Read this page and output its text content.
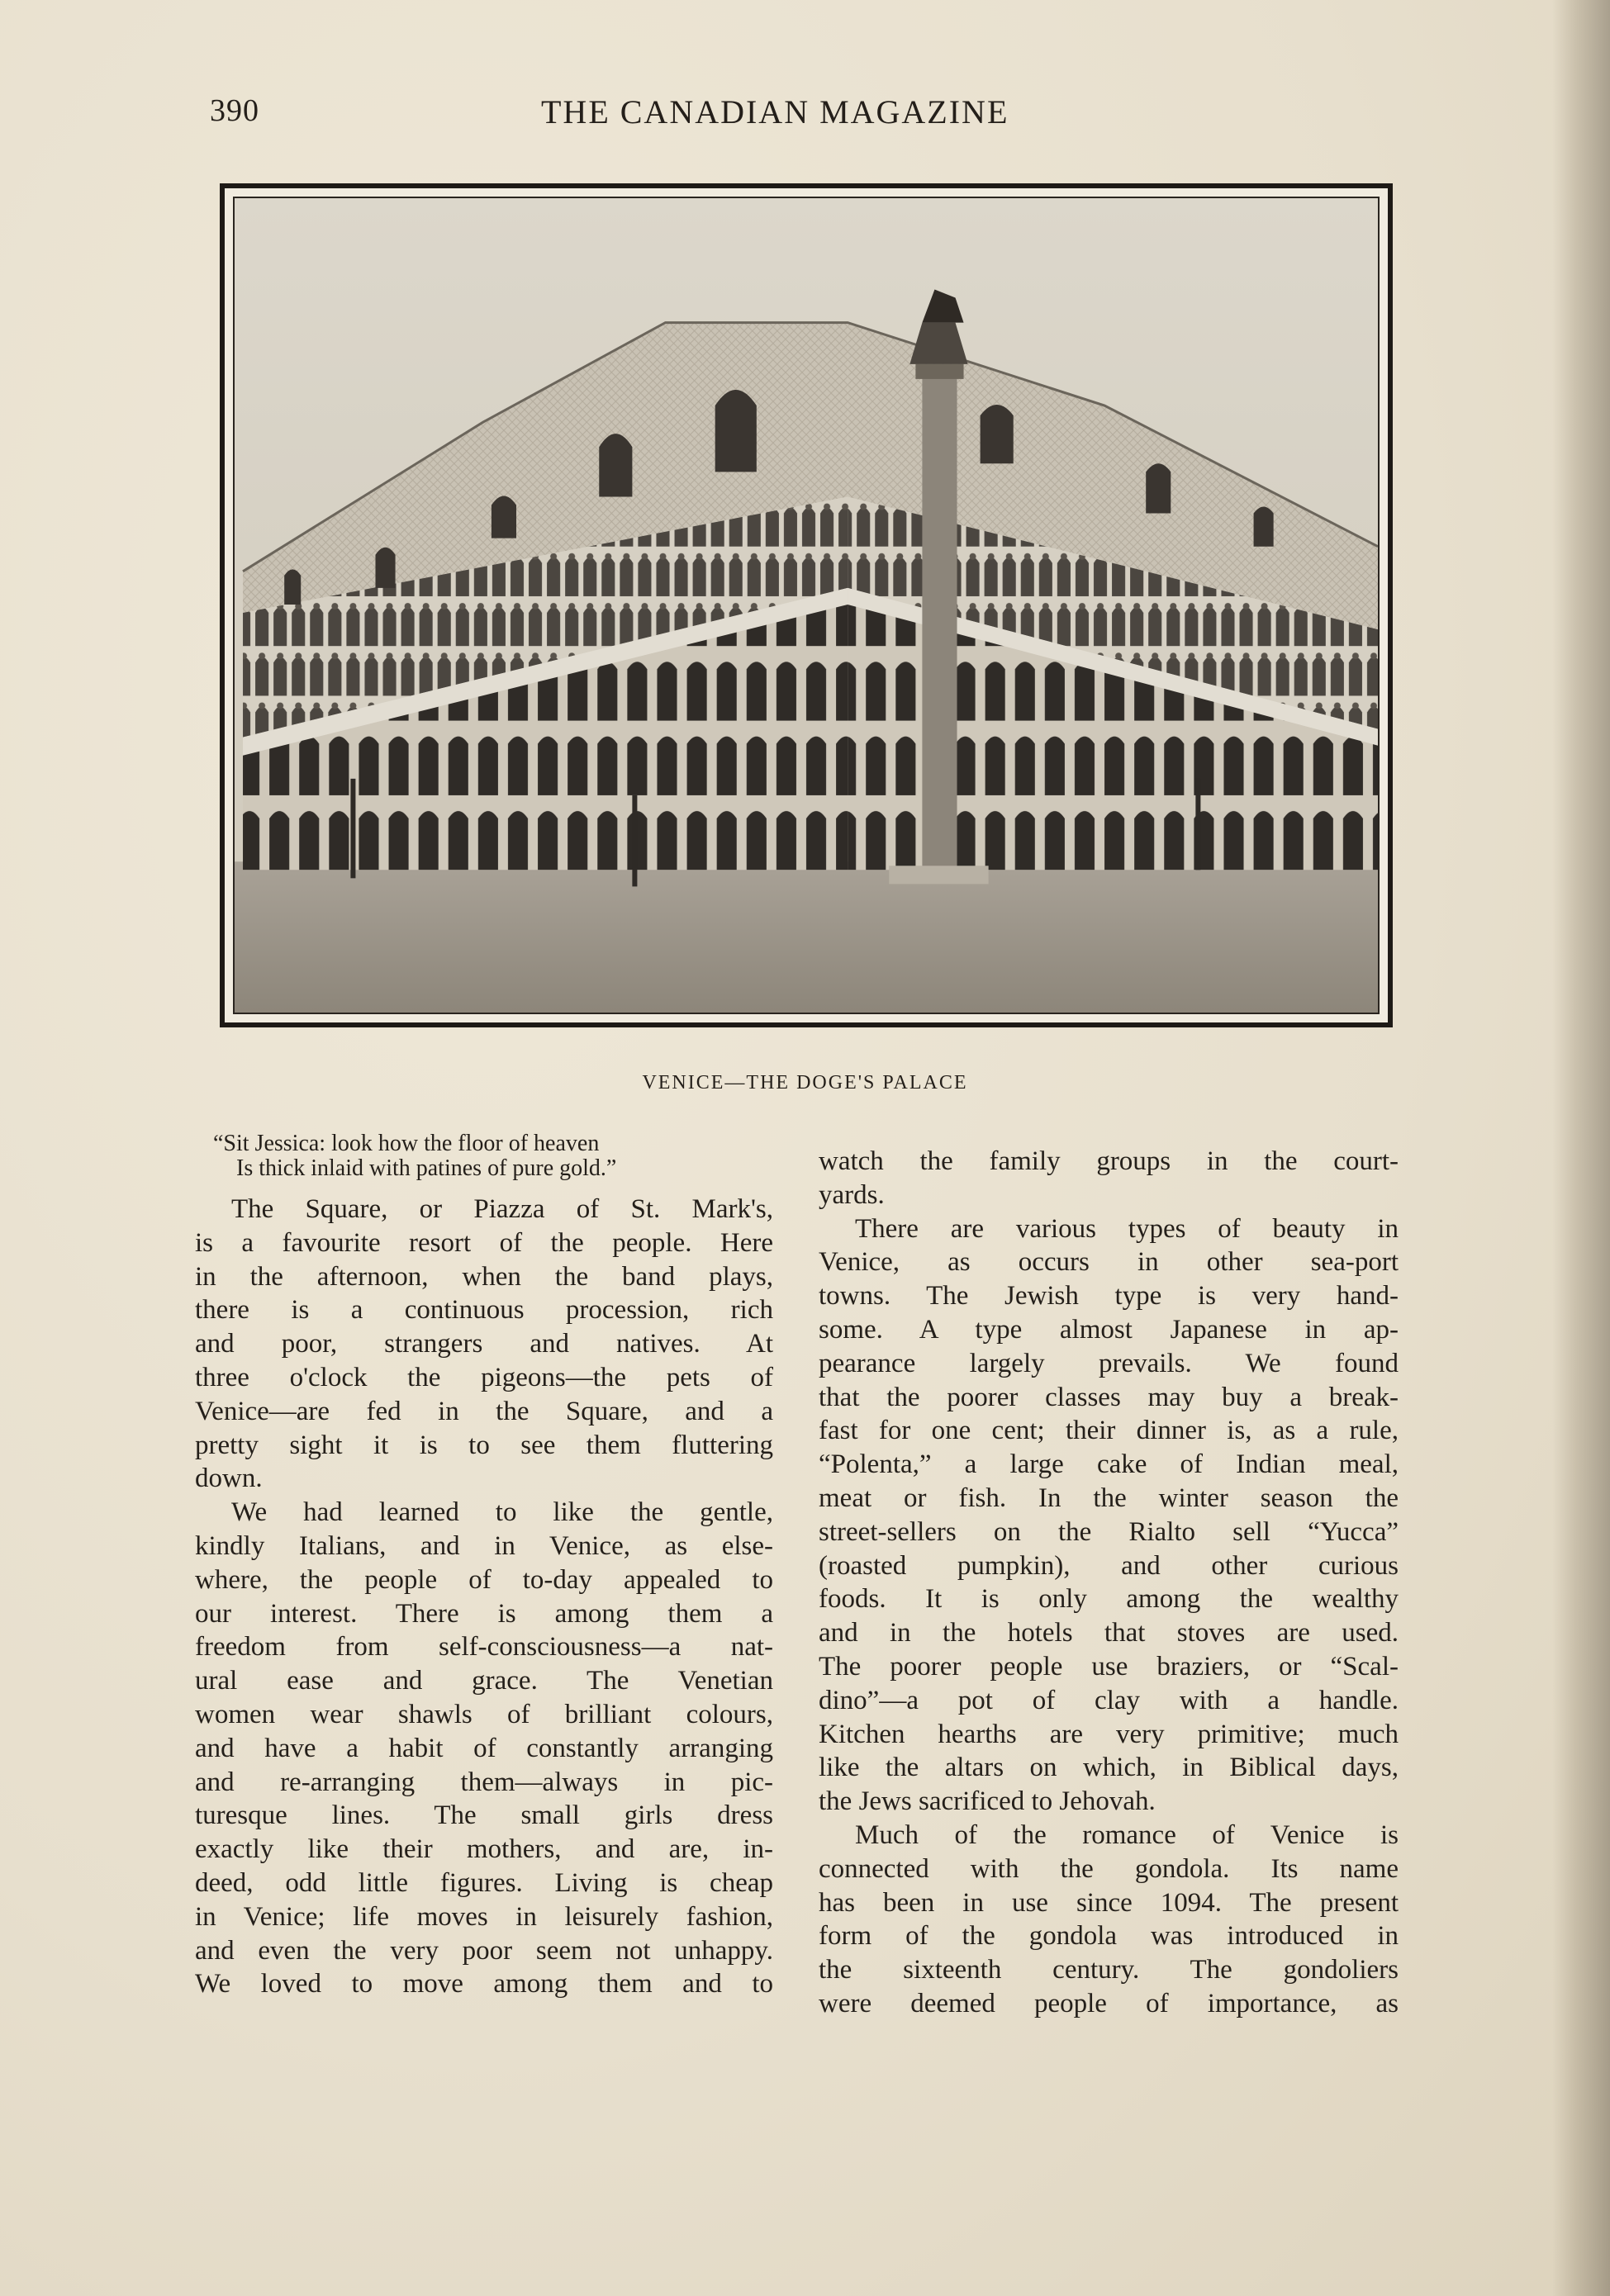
390	THE CANADIAN MAGAZINE
VENICE—THE DOGE'S PALACE
“Sit Jessica: look how the floor of heaven
Is thick inlaid with patines of pure gold.”

The Square, or Piazza of St. Mark's,
is a favourite resort of the people. Here
in the afternoon, when the band plays,
there is a continuous procession, rich
and poor, strangers and natives. At
three o'clock the pigeons—the pets of
Venice—are fed in the Square, and a
pretty sight it is to see them fluttering
down.

We had learned to like the gentle,
kindly Italians, and in Venice, as else-
where, the people of to-day appealed to
our interest. There is among them a
freedom from self-consciousness—a nat-
ural ease and grace. The Venetian
women wear shawls of brilliant colours,
and have a habit of constantly arranging
and re-arranging them—always in pic-
turesque lines. The small girls dress
exactly like their mothers, and are, in-
deed, odd little figures. Living is cheap
in Venice; life moves in leisurely fashion,
and even the very poor seem not unhappy.
We loved to move among them and to

watch the family groups in the court-
yards.

There are various types of beauty in
Venice, as occurs in other sea-port
towns. The Jewish type is very hand-
some. A type almost Japanese in ap-
pearance largely prevails. We found
that the poorer classes may buy a break-
fast for one cent; their dinner is, as a rule,
“Polenta,” a large cake of Indian meal,
meat or fish. In the winter season the
street-sellers on the Rialto sell “Yucca”
(roasted pumpkin), and other curious
foods. It is only among the wealthy
and in the hotels that stoves are used.
The poorer people use braziers, or “Scal-
dino”—a pot of clay with a handle.
Kitchen hearths are very primitive; much
like the altars on which, in Biblical days,
the Jews sacrificed to Jehovah.

Much of the romance of Venice is
connected with the gondola. Its name
has been in use since 1094. The present
form of the gondola was introduced in
the sixteenth century. The gondoliers
were deemed people of importance, as
